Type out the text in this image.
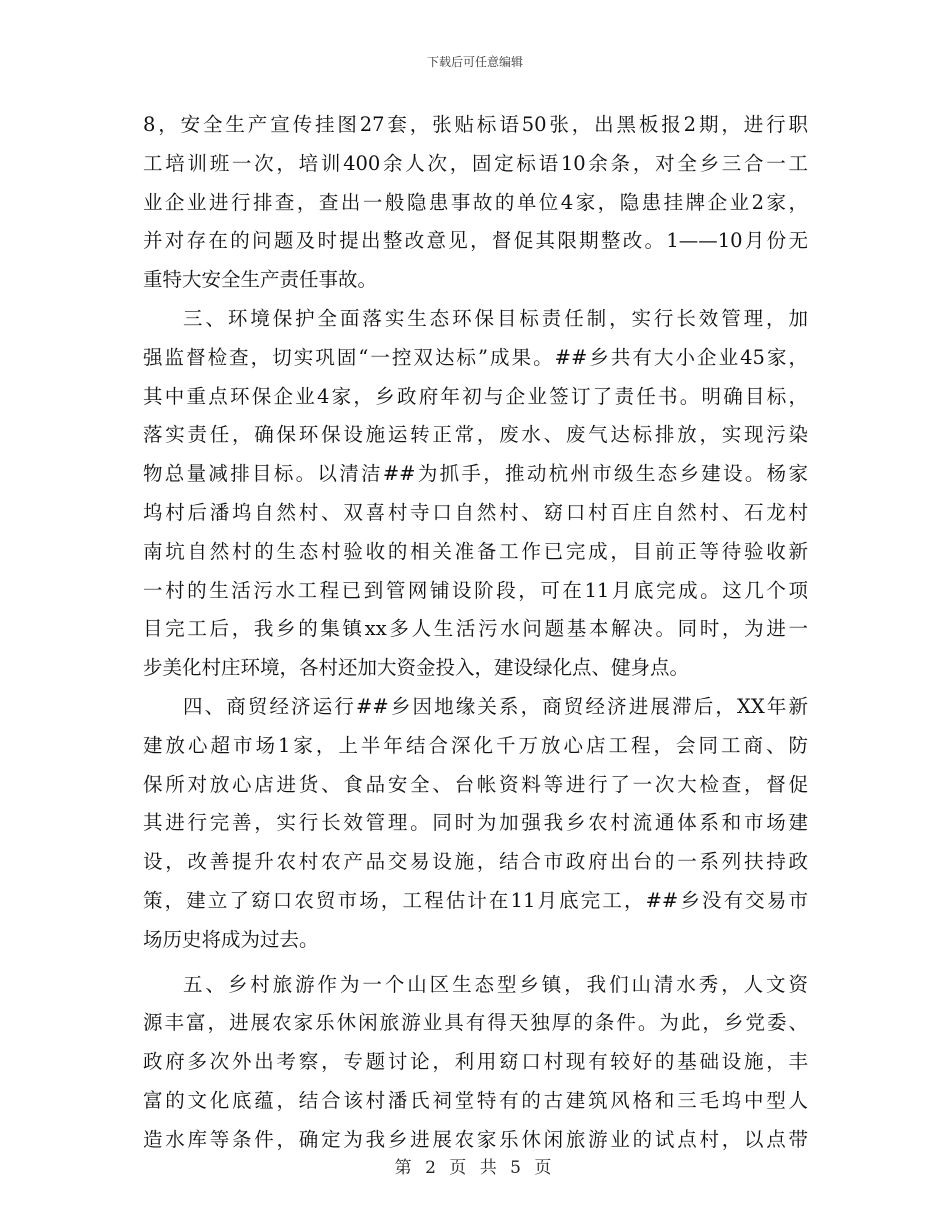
下载后可任意编辑
8，安全生产宣传挂图27套，张贴标语50张，出黑板报2期，进行职
工培训班一次，培训400余人次，固定标语10余条，对全乡三合一工
业企业进行排查，查出一般隐患事故的单位4家，隐患挂牌企业2家，
并对存在的问题及时提出整改意见，督促其限期整改。1——10月份无
重特大安全生产责任事故。
三、环境保护全面落实生态环保目标责任制，实行长效管理，加
强监督检查，切实巩固“一控双达标”成果。##乡共有大小企业45家，
其中重点环保企业4家，乡政府年初与企业签订了责任书。明确目标，
落实责任，确保环保设施运转正常，废水、废气达标排放，实现污染
物总量减排目标。以清洁##为抓手，推动杭州市级生态乡建设。杨家
坞村后潘坞自然村、双喜村寺口自然村、窈口村百庄自然村、石龙村
南坑自然村的生态村验收的相关准备工作已完成，目前正等待验收新
一村的生活污水工程已到管网铺设阶段，可在11月底完成。这几个项
目完工后，我乡的集镇xx多人生活污水问题基本解决。同时，为进一
步美化村庄环境，各村还加大资金投入，建设绿化点、健身点。
四、商贸经济运行##乡因地缘关系，商贸经济进展滞后，XX年新
建放心超市场1家，上半年结合深化千万放心店工程，会同工商、防
保所对放心店进货、食品安全、台帐资料等进行了一次大检查，督促
其进行完善，实行长效管理。同时为加强我乡农村流通体系和市场建
设，改善提升农村农产品交易设施，结合市政府出台的一系列扶持政
策，建立了窈口农贸市场，工程估计在11月底完工，##乡没有交易市
场历史将成为过去。
五、乡村旅游作为一个山区生态型乡镇，我们山清水秀，人文资
源丰富，进展农家乐休闲旅游业具有得天独厚的条件。为此，乡党委、
政府多次外出考察，专题讨论，利用窈口村现有较好的基础设施，丰
富的文化底蕴，结合该村潘氏祠堂特有的古建筑风格和三毛坞中型人
造水库等条件，确定为我乡进展农家乐休闲旅游业的试点村，以点带
第 2 页 共 5 页
